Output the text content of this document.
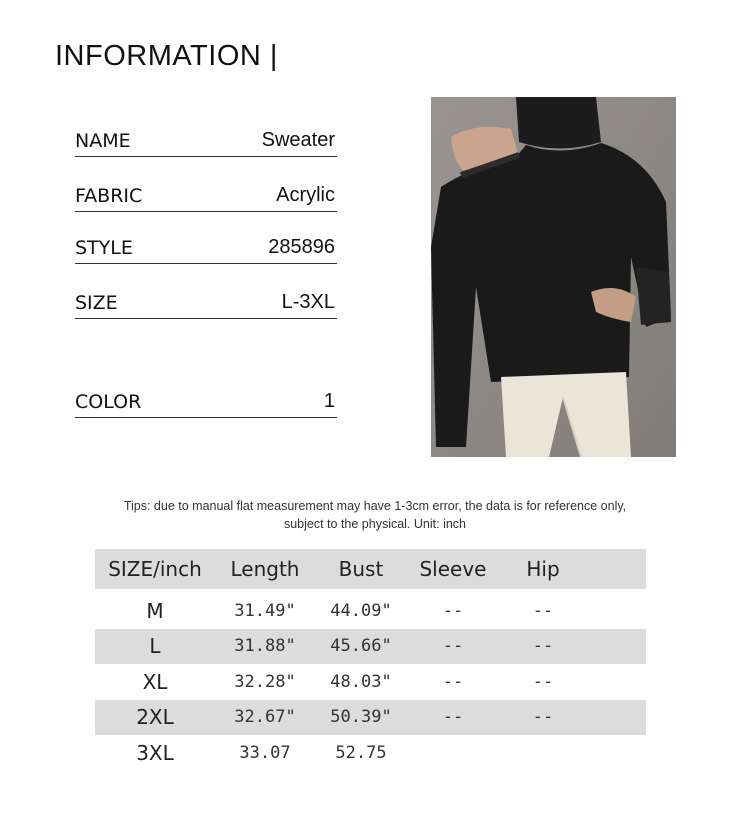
INFORMATION |
NAME	Sweater
FABRIC	Acrylic
STYLE	285896
SIZE	L-3XL
COLOR	1
Tips: due to manual flat measurement may have 1-3cm error, the data is for reference only,
subject to the physical. Unit: inch
SIZE/inch	Length	Bust	Sleeve	Hip	

M	31.49"	44.09"	--	--	
L	31.88"	45.66"	--	--	
XL	32.28"	48.03"	--	--	
2XL	32.67"	50.39"	--	--	
3XL	33.07	52.75			
